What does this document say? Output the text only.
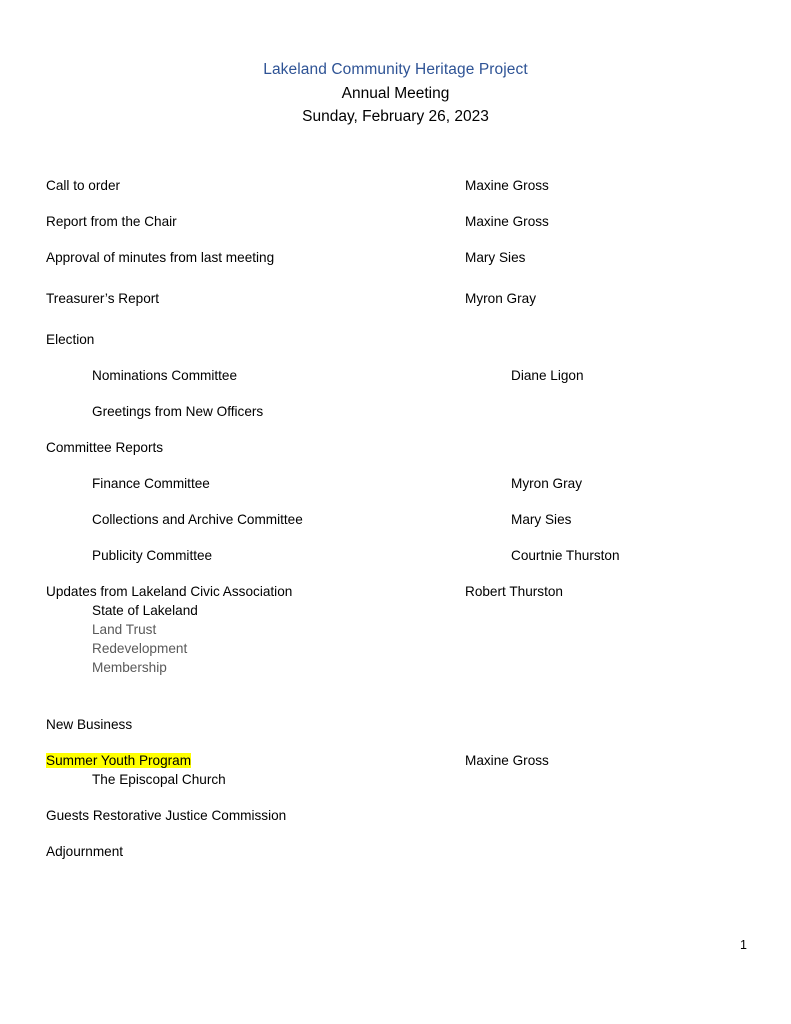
Lakeland Community Heritage Project
Annual Meeting
Sunday, February 26, 2023
Call to order	Maxine Gross
Report from the Chair	Maxine Gross
Approval of minutes from last meeting	Mary Sies
Treasurer’s Report	Myron Gray
Election
Nominations Committee	Diane Ligon
Greetings from New Officers
Committee Reports
Finance Committee	Myron Gray
Collections and Archive Committee	Mary Sies
Publicity Committee	Courtnie Thurston
Updates from Lakeland Civic Association	Robert Thurston
State of Lakeland
Land Trust
Redevelopment
Membership
New Business
Summer Youth Program	Maxine Gross
The Episcopal Church
Guests Restorative Justice Commission
Adjournment
1
